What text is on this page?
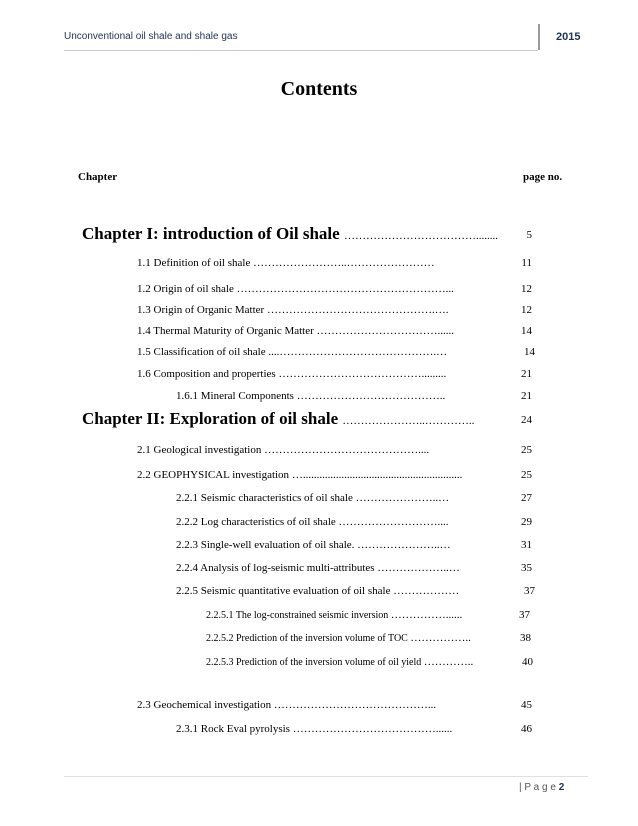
Unconventional oil shale and shale gas	2015
Contents
Chapter	page no.
Chapter I: introduction of Oil shale ………………………………........	5
1.1 Definition of oil shale ……………………..……………………	11
1.2 Origin of oil shale …………………………………………………...	12
1.3 Origin of Organic Matter ……………………………………….….	12
1.4 Thermal Maturity of Organic Matter ……………………………......	14
1.5 Classification of oil shale ....…………………………………….…	14
1.6 Composition and properties ………………………………….........	21
1.6.1 Mineral Components …………………………………..	21
Chapter II: Exploration of oil shale …………………..…………..	24
2.1 Geological investigation ……………………………………....	25
2.2 GEOPHYSICAL investigation …..........................................................	25
2.2.1 Seismic characteristics of oil shale …………………..…	27
2.2.2 Log characteristics of oil shale ………………………....	29
2.2.3 Single-well evaluation of oil shale. …………………..…	31
2.2.4 Analysis of log-seismic multi-attributes ………………..…	35
2.2.5 Seismic quantitative evaluation of oil shale ………………	37
2.2.5.1 The log-constrained seismic inversion ……………......	37
2.2.5.2 Prediction of the inversion volume of TOC ……………..	38
2.2.5.3 Prediction of the inversion volume of oil yield …………..	40
2.3 Geochemical investigation ……………………………………...	45
2.3.1 Rock Eval pyrolysis …………………………………......	46
| P a g e 2
